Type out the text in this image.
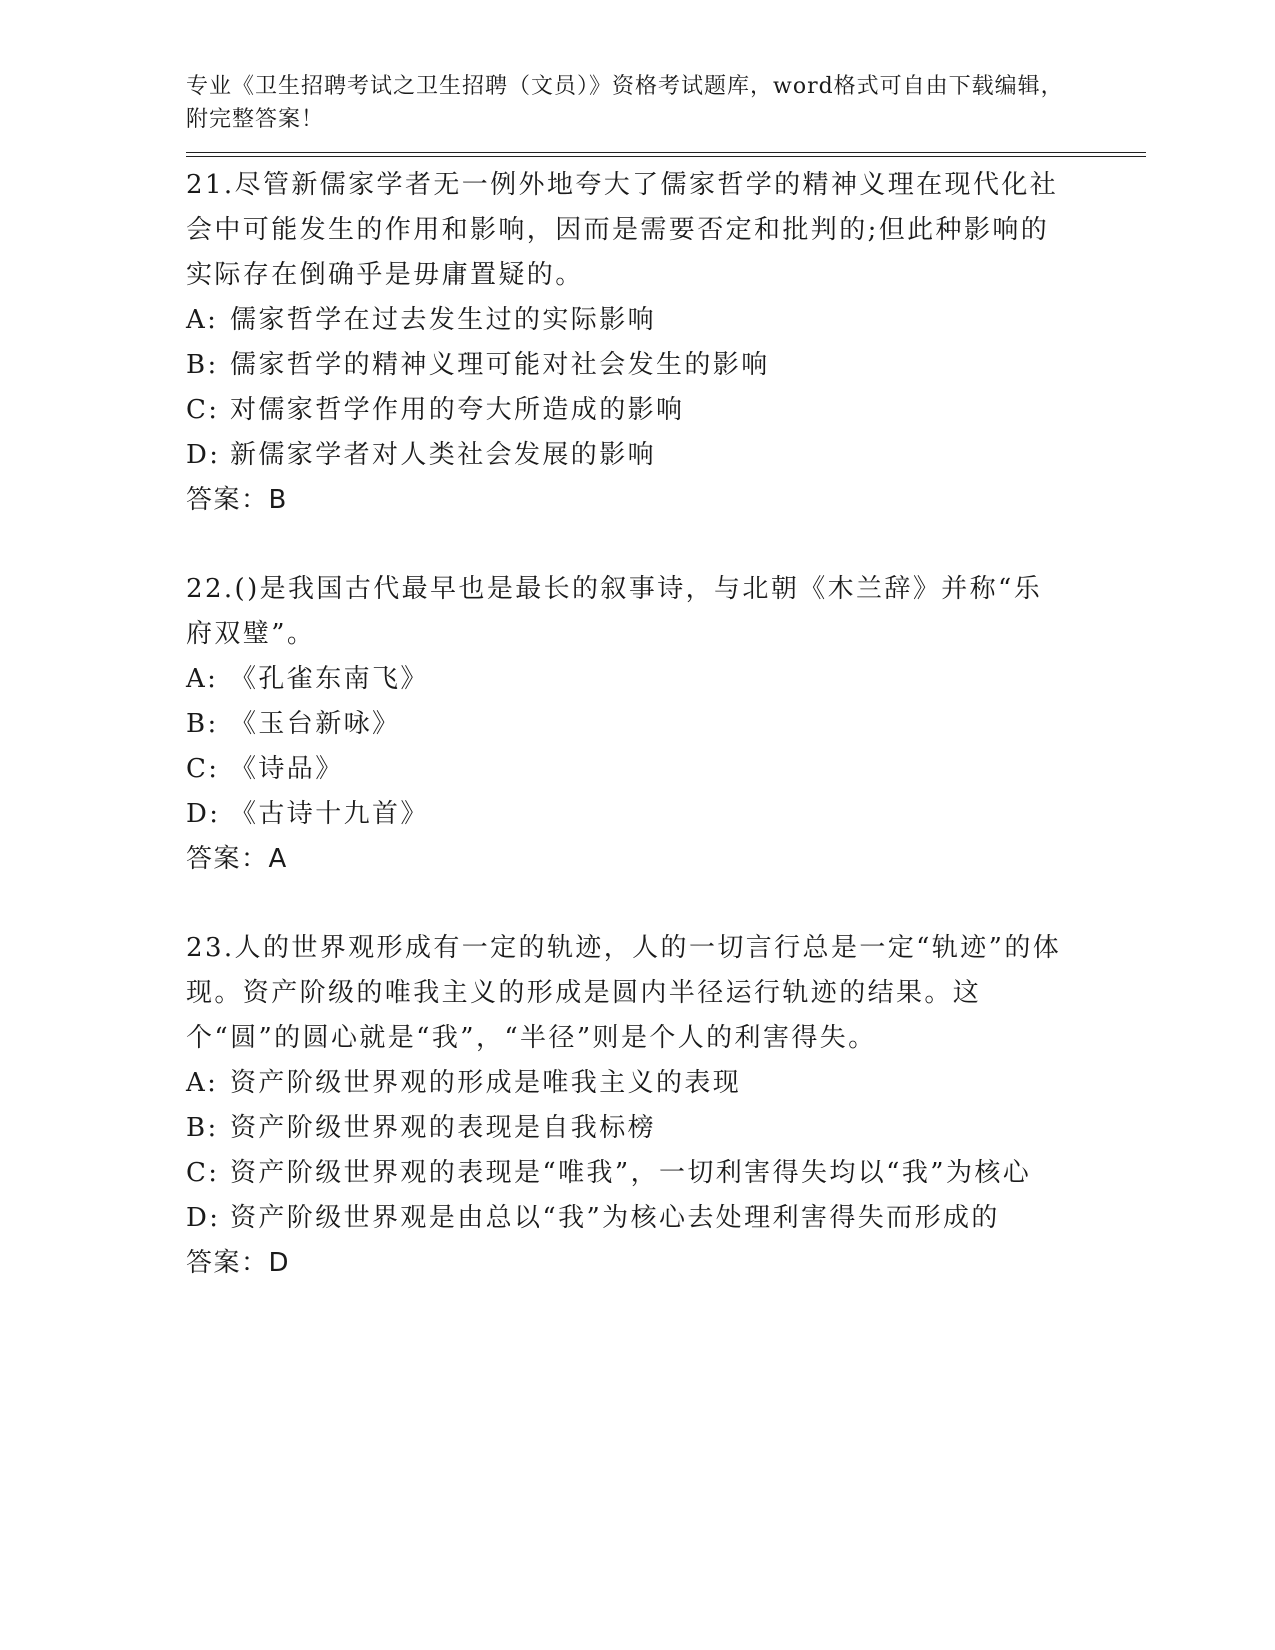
专业《卫生招聘考试之卫生招聘（文员）》资格考试题库，word格式可自由下载编辑，附完整答案！

21.尽管新儒家学者无一例外地夸大了儒家哲学的精神义理在现代化社会中可能发生的作用和影响，因而是需要否定和批判的;但此种影响的实际存在倒确乎是毋庸置疑的。

A: 儒家哲学在过去发生过的实际影响

B: 儒家哲学的精神义理可能对社会发生的影响

C: 对儒家哲学作用的夸大所造成的影响

D: 新儒家学者对人类社会发展的影响

答案：B

22.()是我国古代最早也是最长的叙事诗，与北朝《木兰辞》并称“乐府双璧”。

A: 《孔雀东南飞》

B: 《玉台新咏》

C: 《诗品》

D: 《古诗十九首》

答案：A

23.人的世界观形成有一定的轨迹，人的一切言行总是一定“轨迹”的体现。资产阶级的唯我主义的形成是圆内半径运行轨迹的结果。这个“圆”的圆心就是“我”，“半径”则是个人的利害得失。

A: 资产阶级世界观的形成是唯我主义的表现

B: 资产阶级世界观的表现是自我标榜

C: 资产阶级世界观的表现是“唯我”，一切利害得失均以“我”为核心

D: 资产阶级世界观是由总以“我”为核心去处理利害得失而形成的

答案：D
